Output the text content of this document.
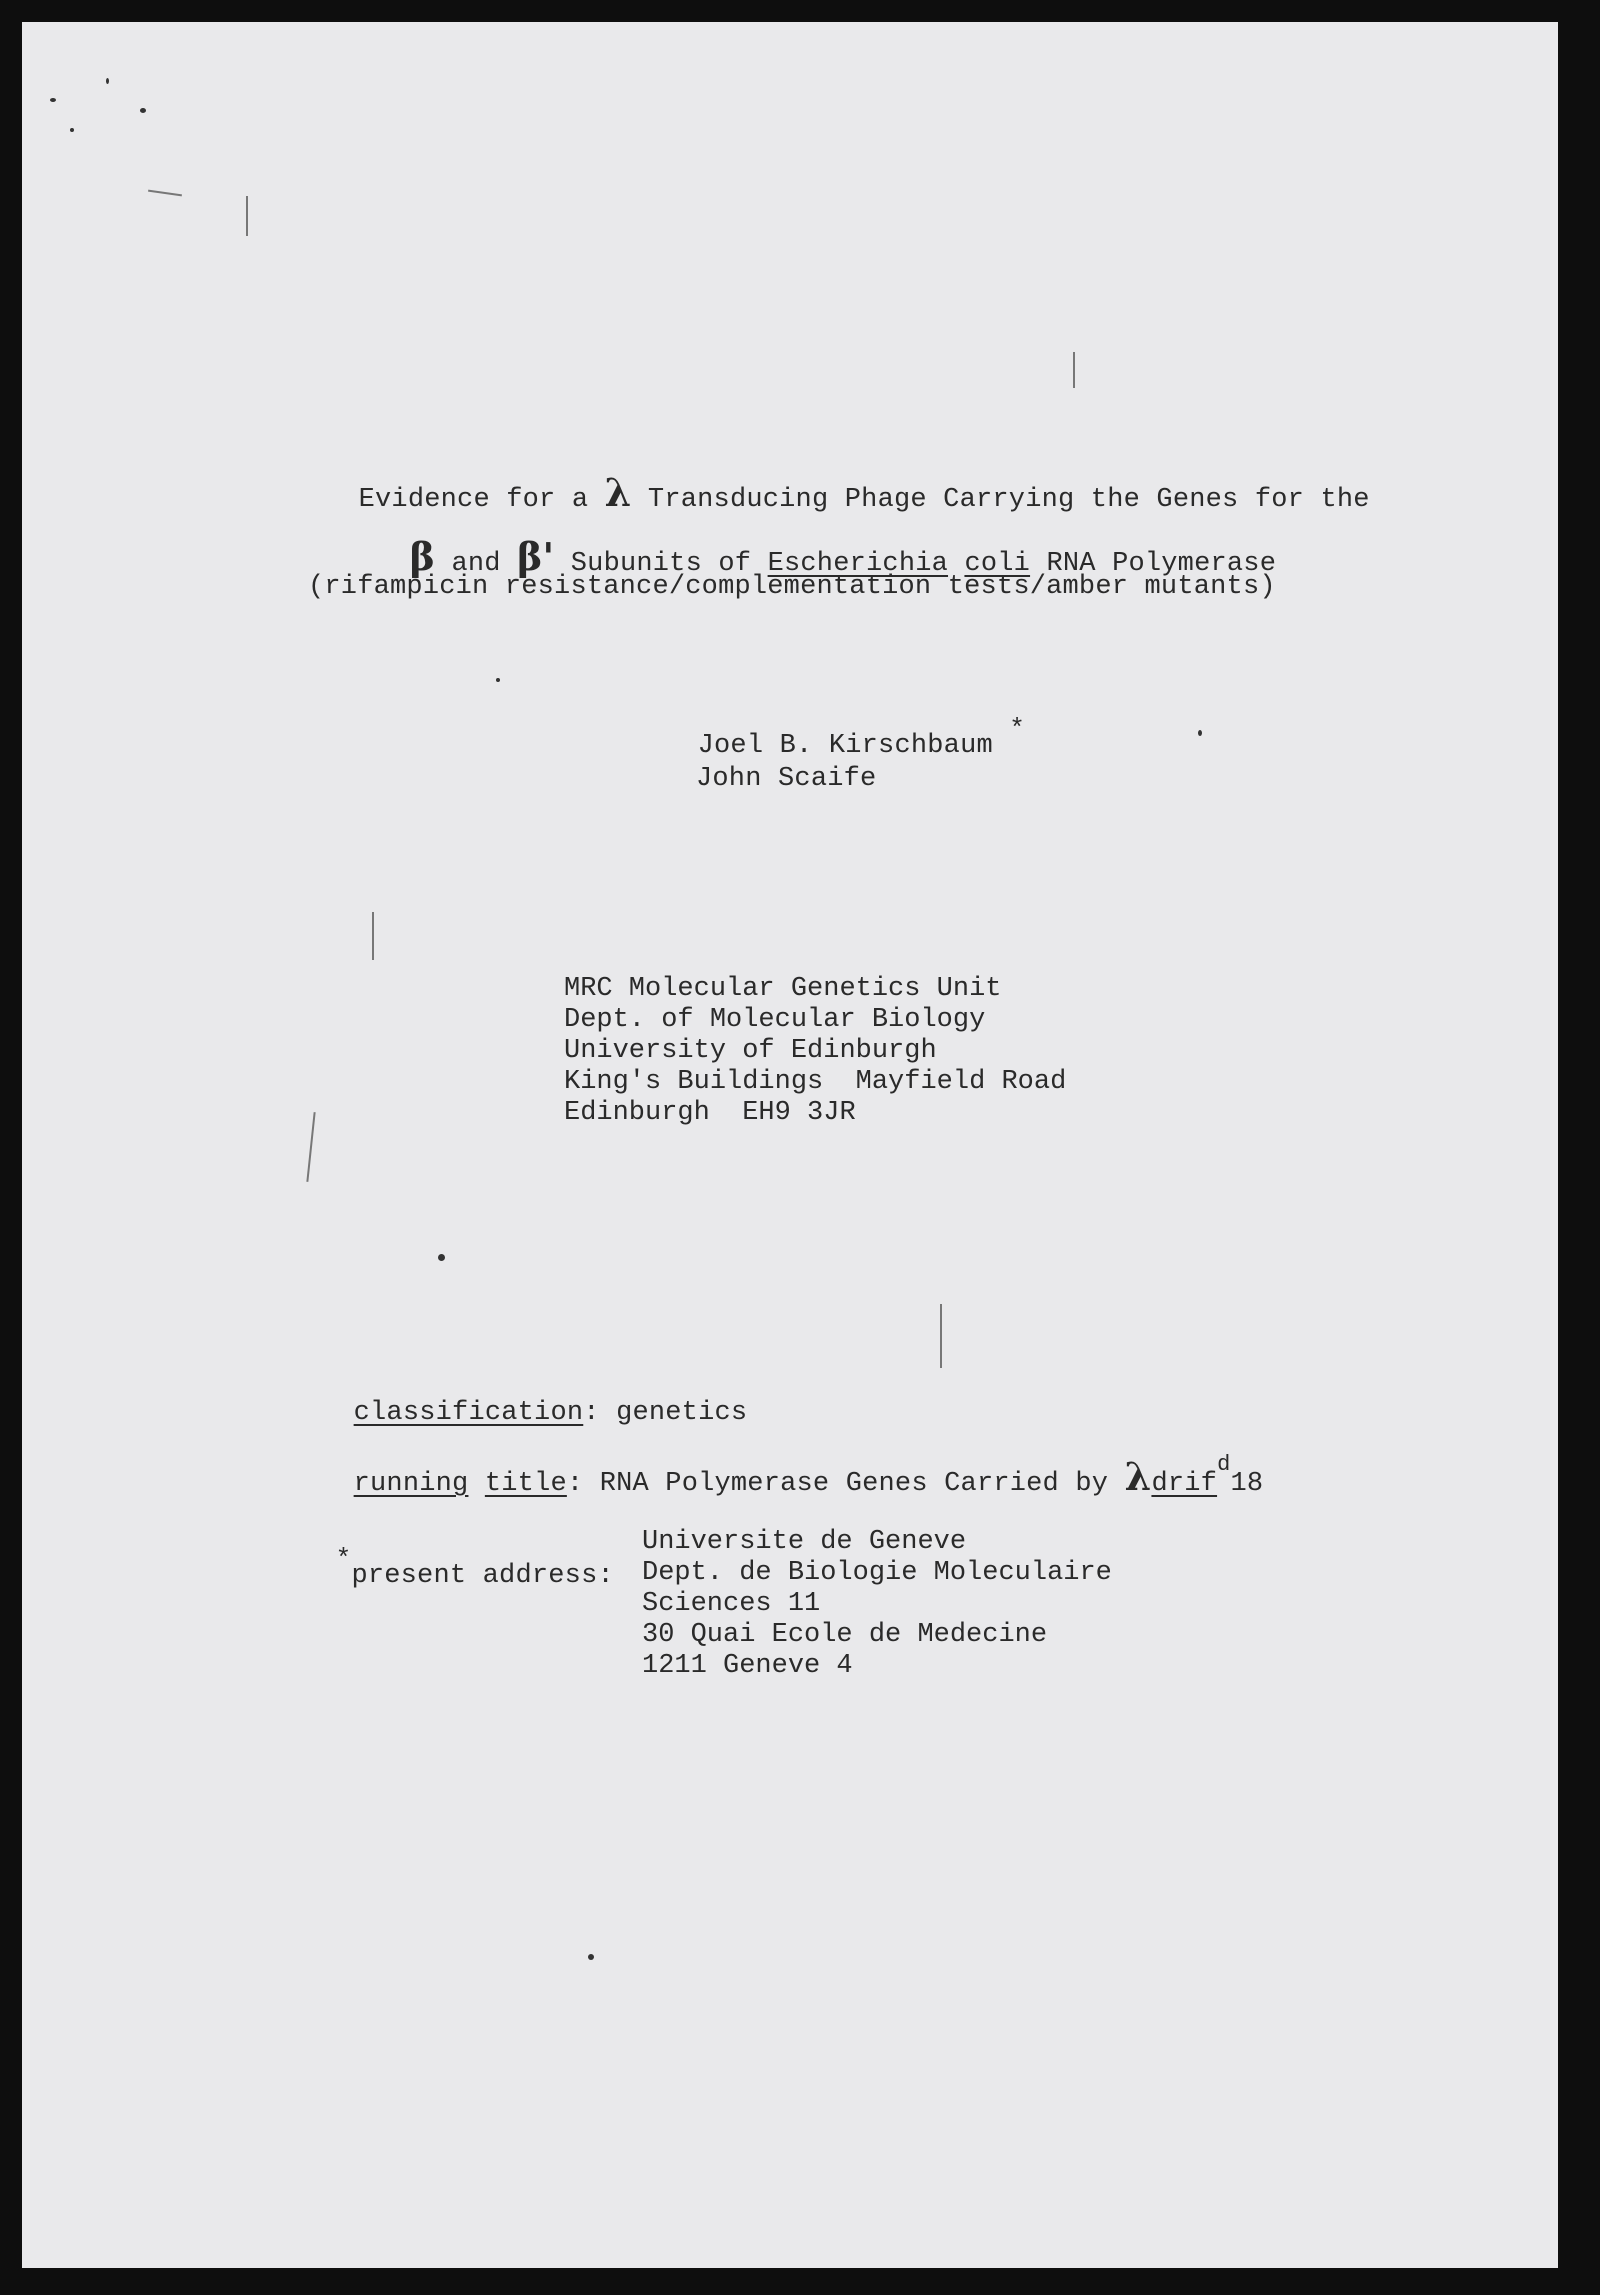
Evidence for a λ Transducing Phage Carrying the Genes for the

β and β' Subunits of Escherichia coli RNA Polymerase

(rifampicin resistance/complementation tests/amber mutants)

Joel B. Kirschbaum *

John Scaife
MRC Molecular Genetics Unit
Dept. of Molecular Biology
University of Edinburgh
King's Buildings  Mayfield Road
Edinburgh  EH9 3JR

classification: genetics

running title: RNA Polymerase Genes Carried by λdrif$^d$18

*present address:

Universite de Geneve
Dept. de Biologie Moleculaire
Sciences 11
30 Quai Ecole de Medecine
1211 Geneve 4
